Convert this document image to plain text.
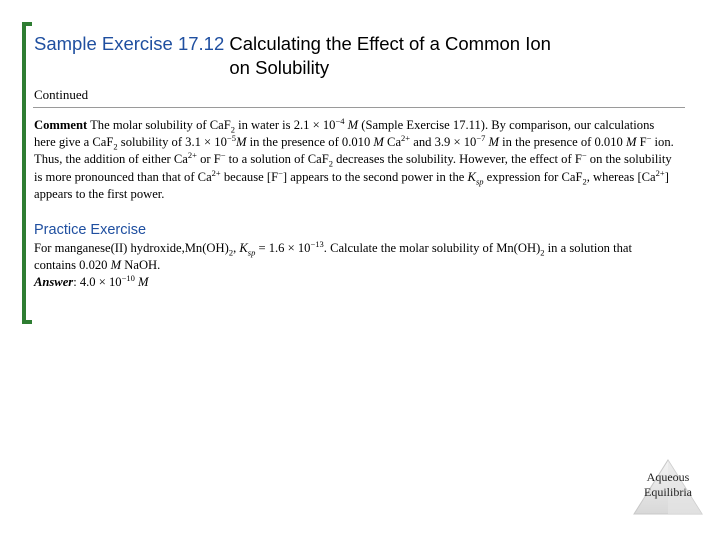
Sample Exercise 17.12 Calculating the Effect of a Common Ion
on Solubility
Continued
Comment The molar solubility of CaF$_2$ in water is $2.1 \times 10^{-4}$ M (Sample Exercise 17.11). By comparison, our calculations here give a CaF$_2$ solubility of $3.1 \times 10^{-5}M$ in the presence of 0.010 M $Ca^{2+}$ and $3.9 \times 10^{-7}$ M in the presence of 0.010 M F− ion. Thus, the addition of either $Ca^{2+}$ or F− to a solution of CaF$_2$ decreases the solubility. However, the effect of F− on the solubility is more pronounced than that of $Ca^{2+}$ because [F−] appears to the second power in the $K_{sp}$ expression for CaF$_2$, whereas $[Ca^{2+}]$ appears to the first power.
Practice Exercise
For manganese(II) $hydroxide,Mn(OH)_2$, $K_{sp} = 1.6 \times 10^{-13}$. Calculate the molar solubility of $Mn(OH)_2$ in a solution that contains 0.020 M NaOH.
Answer: $4.0 \times 10^{-10}$ M
Aqueous
Equilibria
